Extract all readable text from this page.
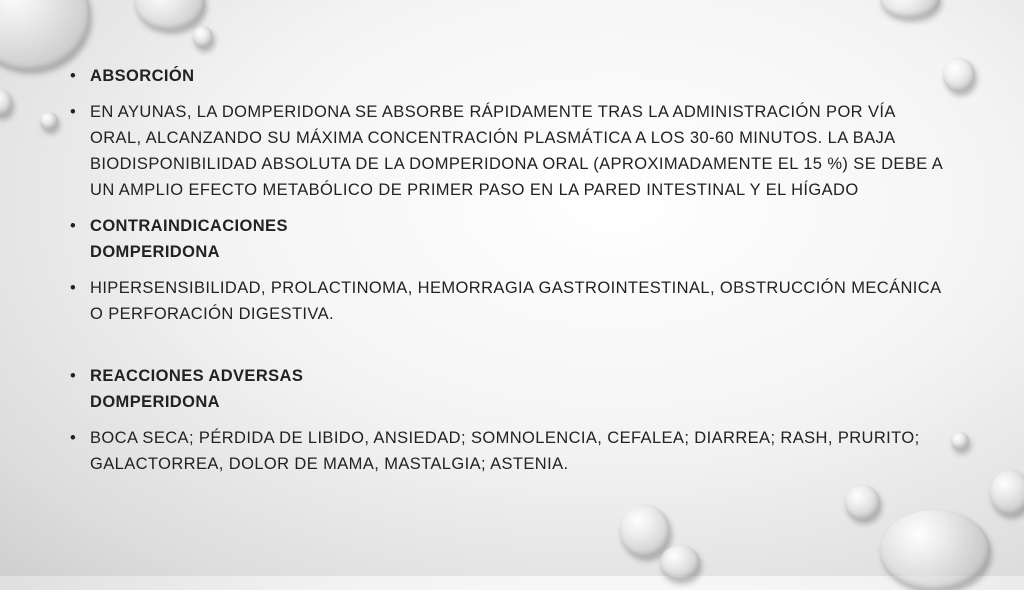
• ABSORCIÓN
• EN AYUNAS, LA DOMPERIDONA SE ABSORBE RÁPIDAMENTE TRAS LA ADMINISTRACIÓN POR VÍA ORAL, ALCANZANDO SU MÁXIMA CONCENTRACIÓN PLASMÁTICA A LOS 30-60 MINUTOS. LA BAJA BIODISPONIBILIDAD ABSOLUTA DE LA DOMPERIDONA ORAL (APROXIMADAMENTE EL 15 %) SE DEBE A UN AMPLIO EFECTO METABÓLICO DE PRIMER PASO EN LA PARED INTESTINAL Y EL HÍGADO
• CONTRAINDICACIONES
DOMPERIDONA
• HIPERSENSIBILIDAD, PROLACTINOMA, HEMORRAGIA GASTROINTESTINAL, OBSTRUCCIÓN MECÁNICA O PERFORACIÓN DIGESTIVA.
• REACCIONES ADVERSAS
DOMPERIDONA
• BOCA SECA; PÉRDIDA DE LIBIDO, ANSIEDAD; SOMNOLENCIA, CEFALEA; DIARREA; RASH, PRURITO; GALACTORREA, DOLOR DE MAMA, MASTALGIA; ASTENIA.
